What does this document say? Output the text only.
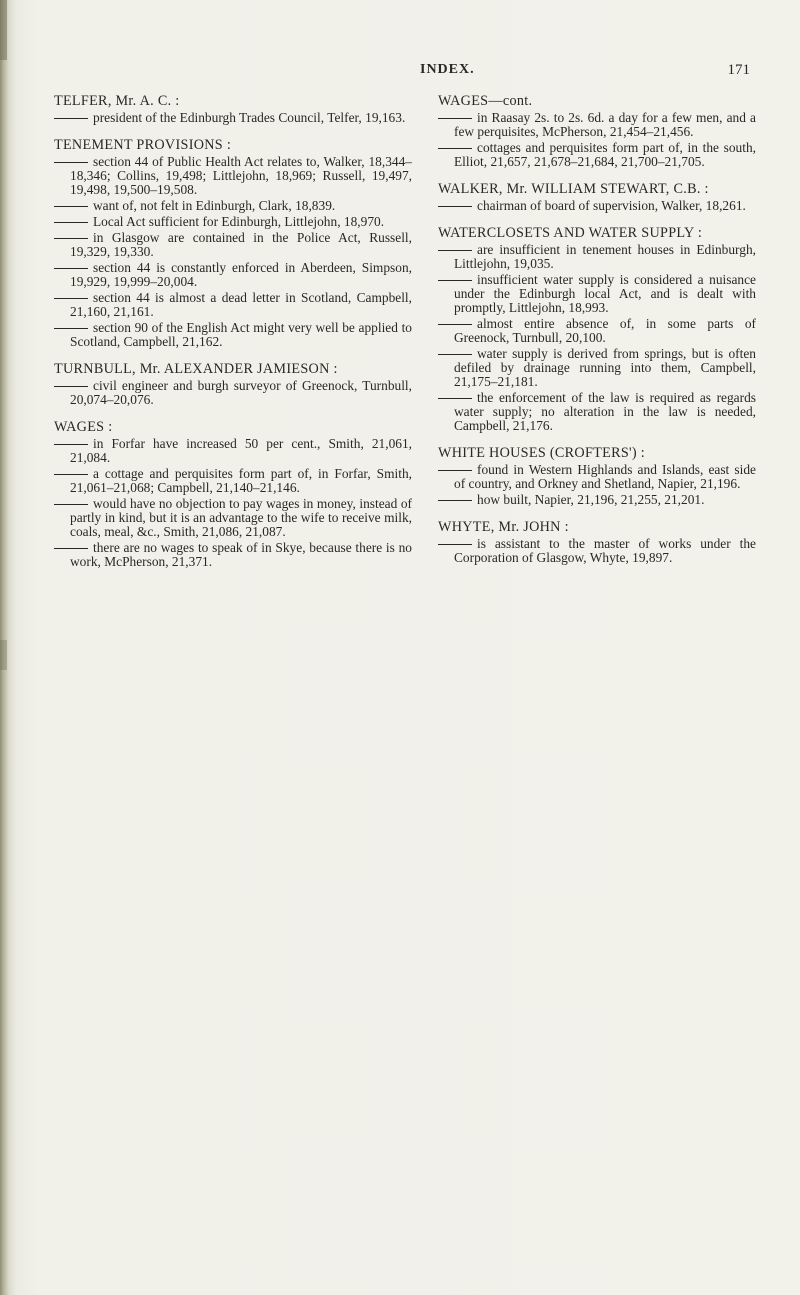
INDEX.	171
TELFER, Mr. A. C. :
president of the Edinburgh Trades Council, Telfer, 19,163.
TENEMENT PROVISIONS :
section 44 of Public Health Act relates to, Walker, 18,344–18,346; Collins, 19,498; Littlejohn, 18,969; Russell, 19,497, 19,498, 19,500–19,508.
want of, not felt in Edinburgh, Clark, 18,839.
Local Act sufficient for Edinburgh, Littlejohn, 18,970.
in Glasgow are contained in the Police Act, Russell, 19,329, 19,330.
section 44 is constantly enforced in Aberdeen, Simpson, 19,929, 19,999–20,004.
section 44 is almost a dead letter in Scotland, Campbell, 21,160, 21,161.
section 90 of the English Act might very well be applied to Scotland, Campbell, 21,162.
TURNBULL, Mr. ALEXANDER JAMIESON :
civil engineer and burgh surveyor of Greenock, Turnbull, 20,074–20,076.
WAGES :
in Forfar have increased 50 per cent., Smith, 21,061, 21,084.
a cottage and perquisites form part of, in Forfar, Smith, 21,061–21,068; Campbell, 21,140–21,146.
would have no objection to pay wages in money, instead of partly in kind, but it is an advantage to the wife to receive milk, coals, meal, &c., Smith, 21,086, 21,087.
there are no wages to speak of in Skye, because there is no work, McPherson, 21,371.
WAGES—cont.
in Raasay 2s. to 2s. 6d. a day for a few men, and a few perquisites, McPherson, 21,454–21,456.
cottages and perquisites form part of, in the south, Elliot, 21,657, 21,678–21,684, 21,700–21,705.
WALKER, Mr. WILLIAM STEWART, C.B. :
chairman of board of supervision, Walker, 18,261.
WATERCLOSETS AND WATER SUPPLY :
are insufficient in tenement houses in Edinburgh, Littlejohn, 19,035.
insufficient water supply is considered a nuisance under the Edinburgh local Act, and is dealt with promptly, Littlejohn, 18,993.
almost entire absence of, in some parts of Greenock, Turnbull, 20,100.
water supply is derived from springs, but is often defiled by drainage running into them, Campbell, 21,175–21,181.
the enforcement of the law is required as regards water supply; no alteration in the law is needed, Campbell, 21,176.
WHITE HOUSES (CROFTERS') :
found in Western Highlands and Islands, east side of country, and Orkney and Shetland, Napier, 21,196.
how built, Napier, 21,196, 21,255, 21,201.
WHYTE, Mr. JOHN :
is assistant to the master of works under the Corporation of Glasgow, Whyte, 19,897.
